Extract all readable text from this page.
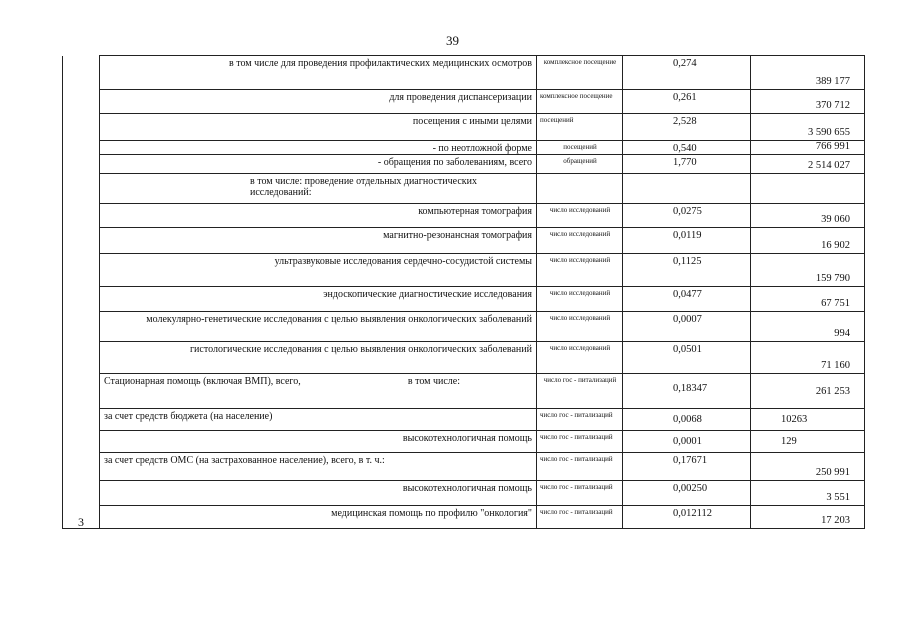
39
	в том числе для проведения профилактических медицинских осмотров	комплексное посещение	0,274	389 177
	для проведения диспансеризации	комплексное посещение	0,261	370 712
	посещения с иными целями	посещений	2,528	3 590 655
	- по неотложной форме	посещений	0,540	766 991
	- обращения по заболеваниям, всего	обращений	1,770	2 514 027
	в том числе: проведение отдельных диагностических исследований:			
	компьютерная томография	число исследований	0,0275	39 060
	магнитно-резонансная томография	число исследований	0,0119	16 902
	ультразвуковые исследования сердечно-сосудистой системы	число исследований	0,1125	159 790
	эндоскопические диагностические исследования	число исследований	0,0477	67 751
	молекулярно-генетические исследования с целью выявления онкологических заболеваний	число исследований	0,0007	994
	гистологические исследования с целью выявления онкологических заболеваний	число исследований	0,0501	71 160
3	Стационарная помощь (включая ВМП), всего, в том числе:	число гос - питализаций	0,18347	261 253
	за счет средств бюджета (на население)	число гос - питализаций	0,0068	10263
	высокотехнологичная помощь	число гос - питализаций	0,0001	129
	за счет средств ОМС (на застрахованное население), всего, в т. ч.:	число гос - питализаций	0,17671	250 991
	высокотехнологичная помощь	число гос - питализаций	0,00250	3 551
	медицинская помощь по профилю "онкология"	число гос - питализаций	0,012112	17 203
